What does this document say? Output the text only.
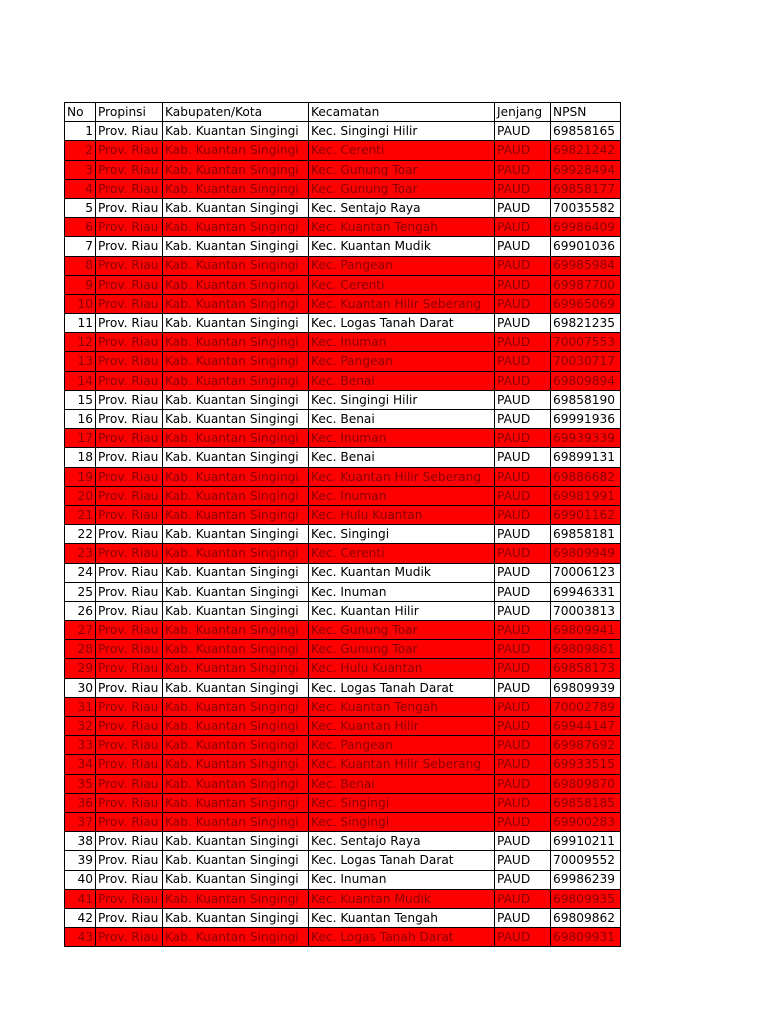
No	Propinsi	Kabupaten/Kota	Kecamatan	Jenjang	NPSN
1	Prov. Riau	Kab. Kuantan Singingi	Kec. Singingi Hilir	PAUD	69858165
2	Prov. Riau	Kab. Kuantan Singingi	Kec. Cerenti	PAUD	69821242
3	Prov. Riau	Kab. Kuantan Singingi	Kec. Gunung Toar	PAUD	69928494
4	Prov. Riau	Kab. Kuantan Singingi	Kec. Gunung Toar	PAUD	69858177
5	Prov. Riau	Kab. Kuantan Singingi	Kec. Sentajo Raya	PAUD	70035582
6	Prov. Riau	Kab. Kuantan Singingi	Kec. Kuantan Tengah	PAUD	69986409
7	Prov. Riau	Kab. Kuantan Singingi	Kec. Kuantan Mudik	PAUD	69901036
8	Prov. Riau	Kab. Kuantan Singingi	Kec. Pangean	PAUD	69985984
9	Prov. Riau	Kab. Kuantan Singingi	Kec. Cerenti	PAUD	69987700
10	Prov. Riau	Kab. Kuantan Singingi	Kec. Kuantan Hilir Seberang	PAUD	69965069
11	Prov. Riau	Kab. Kuantan Singingi	Kec. Logas Tanah Darat	PAUD	69821235
12	Prov. Riau	Kab. Kuantan Singingi	Kec. Inuman	PAUD	70007553
13	Prov. Riau	Kab. Kuantan Singingi	Kec. Pangean	PAUD	70030717
14	Prov. Riau	Kab. Kuantan Singingi	Kec. Benai	PAUD	69809894
15	Prov. Riau	Kab. Kuantan Singingi	Kec. Singingi Hilir	PAUD	69858190
16	Prov. Riau	Kab. Kuantan Singingi	Kec. Benai	PAUD	69991936
17	Prov. Riau	Kab. Kuantan Singingi	Kec. Inuman	PAUD	69939339
18	Prov. Riau	Kab. Kuantan Singingi	Kec. Benai	PAUD	69899131
19	Prov. Riau	Kab. Kuantan Singingi	Kec. Kuantan Hilir Seberang	PAUD	69886682
20	Prov. Riau	Kab. Kuantan Singingi	Kec. Inuman	PAUD	69981991
21	Prov. Riau	Kab. Kuantan Singingi	Kec. Hulu Kuantan	PAUD	69901162
22	Prov. Riau	Kab. Kuantan Singingi	Kec. Singingi	PAUD	69858181
23	Prov. Riau	Kab. Kuantan Singingi	Kec. Cerenti	PAUD	69809949
24	Prov. Riau	Kab. Kuantan Singingi	Kec. Kuantan Mudik	PAUD	70006123
25	Prov. Riau	Kab. Kuantan Singingi	Kec. Inuman	PAUD	69946331
26	Prov. Riau	Kab. Kuantan Singingi	Kec. Kuantan Hilir	PAUD	70003813
27	Prov. Riau	Kab. Kuantan Singingi	Kec. Gunung Toar	PAUD	69809941
28	Prov. Riau	Kab. Kuantan Singingi	Kec. Gunung Toar	PAUD	69809861
29	Prov. Riau	Kab. Kuantan Singingi	Kec. Hulu Kuantan	PAUD	69858173
30	Prov. Riau	Kab. Kuantan Singingi	Kec. Logas Tanah Darat	PAUD	69809939
31	Prov. Riau	Kab. Kuantan Singingi	Kec. Kuantan Tengah	PAUD	70002789
32	Prov. Riau	Kab. Kuantan Singingi	Kec. Kuantan Hilir	PAUD	69944147
33	Prov. Riau	Kab. Kuantan Singingi	Kec. Pangean	PAUD	69987692
34	Prov. Riau	Kab. Kuantan Singingi	Kec. Kuantan Hilir Seberang	PAUD	69933515
35	Prov. Riau	Kab. Kuantan Singingi	Kec. Benai	PAUD	69809870
36	Prov. Riau	Kab. Kuantan Singingi	Kec. Singingi	PAUD	69858185
37	Prov. Riau	Kab. Kuantan Singingi	Kec. Singingi	PAUD	69900283
38	Prov. Riau	Kab. Kuantan Singingi	Kec. Sentajo Raya	PAUD	69910211
39	Prov. Riau	Kab. Kuantan Singingi	Kec. Logas Tanah Darat	PAUD	70009552
40	Prov. Riau	Kab. Kuantan Singingi	Kec. Inuman	PAUD	69986239
41	Prov. Riau	Kab. Kuantan Singingi	Kec. Kuantan Mudik	PAUD	69809935
42	Prov. Riau	Kab. Kuantan Singingi	Kec. Kuantan Tengah	PAUD	69809862
43	Prov. Riau	Kab. Kuantan Singingi	Kec. Logas Tanah Darat	PAUD	69809931
